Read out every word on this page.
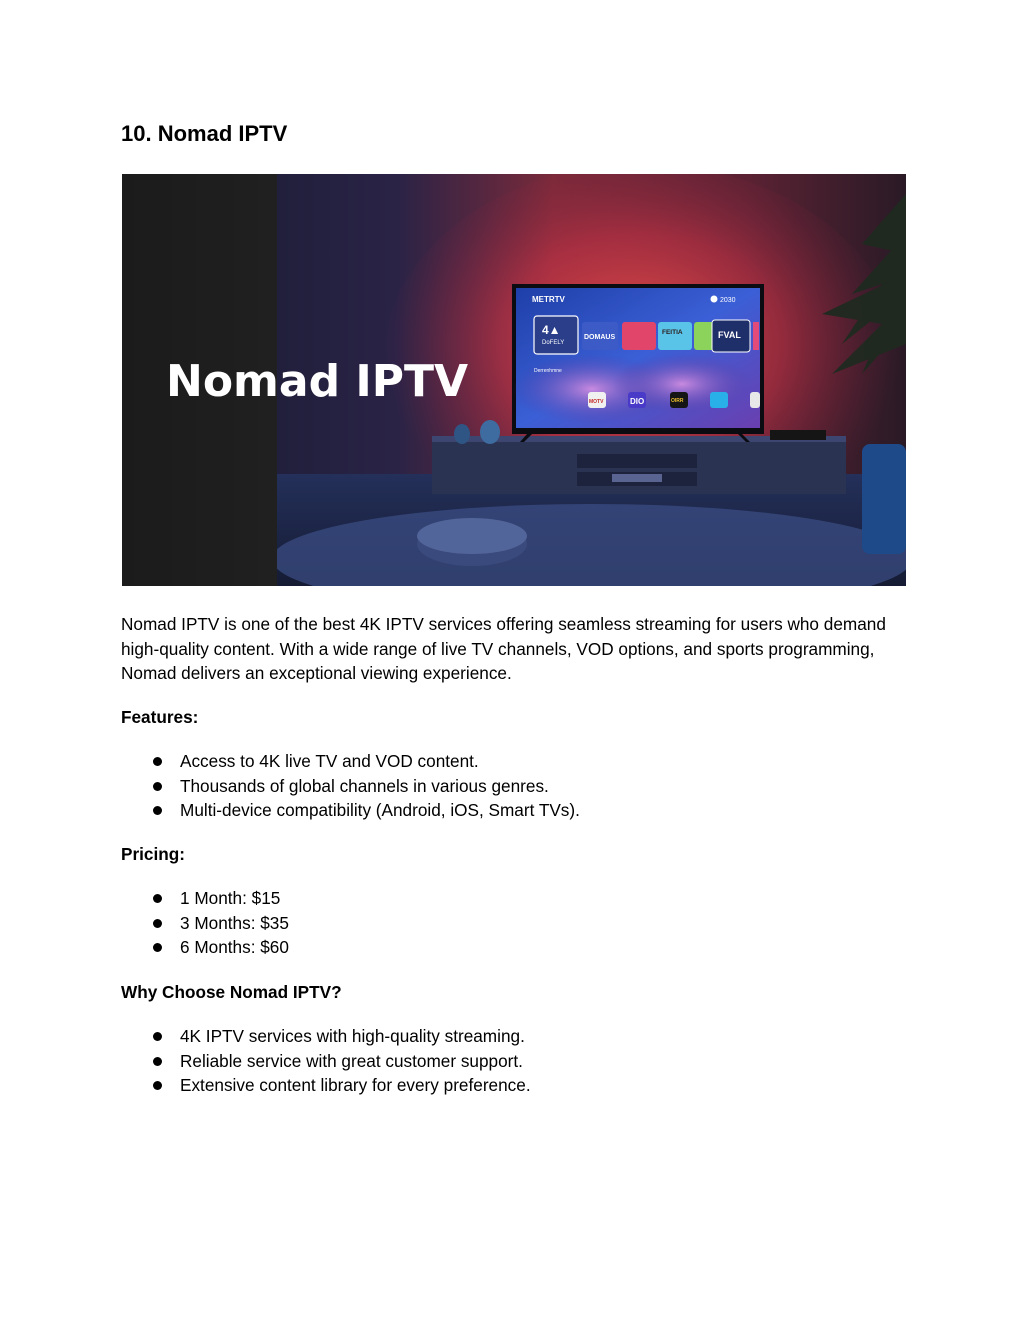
10. Nomad IPTV
METRTV	2030
DoFELY
4▲
DOMAUS
FEITIA	FVAL
Derrenhmne
MOTV	DIO	OIRR
Nomad IPTV

Nomad IPTV is one of the best 4K IPTV services offering seamless streaming for users who demand high-quality content. With a wide range of live TV channels, VOD options, and sports programming, Nomad delivers an exceptional viewing experience.

Features:
Access to 4K live TV and VOD content.
Thousands of global channels in various genres.
Multi-device compatibility (Android, iOS, Smart TVs).
Pricing:
1 Month: $15
3 Months: $35
6 Months: $60
Why Choose Nomad IPTV?
4K IPTV services with high-quality streaming.
Reliable service with great customer support.
Extensive content library for every preference.
